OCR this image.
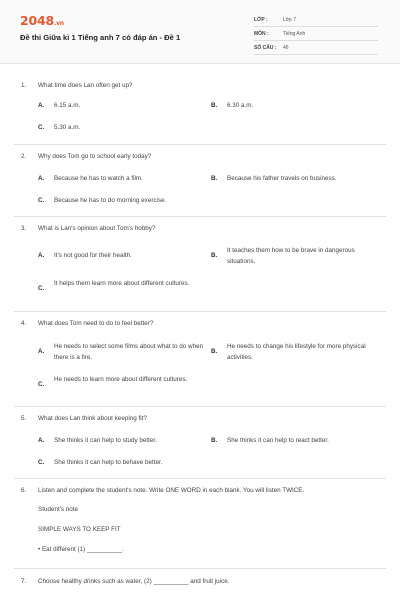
2048.vn
Đề thi Giữa kì 1 Tiếng anh 7 có đáp án - Đề 1
LỚP :	Lớp 7
MÔN :	Tiếng Anh
SỐ CÂU : 46
1. What time does Lan often get up?
A. 6.15 a.m.	B. 6.30 a.m.
C. 5.30 a.m.
2. Why does Tom go to school early today?
A. Because he has to watch a film.	B. Because his father travels on business.
C. Because he has to do morning exercise.
3. What is Lan's opinion about Tom's hobby?
A. It's not good for their health.	B.
It teaches them how to be brave in dangerous situations.
C.
It helps them learn more about different cultures.
4. What does Tom need to do to feel better?
A.
He needs to select some films about what to do when there is a fire.
B.
He needs to change his lifestyle for more physical activities.
C.
He needs to learn more about different cultures.
5. What does Lan think about keeping fit?
A. She thinks it can help to study better.	B. She thinks it can help to react better.
C. She thinks it can help to behave better.
6. Listen and complete the student's note. Write ONE WORD in each blank. You will listen TWICE.
Student's note
SIMPLE WAYS TO KEEP FIT
• Eat different (1) __________.
7. Choose healthy drinks such as water, (2) __________ and fruit juice.
